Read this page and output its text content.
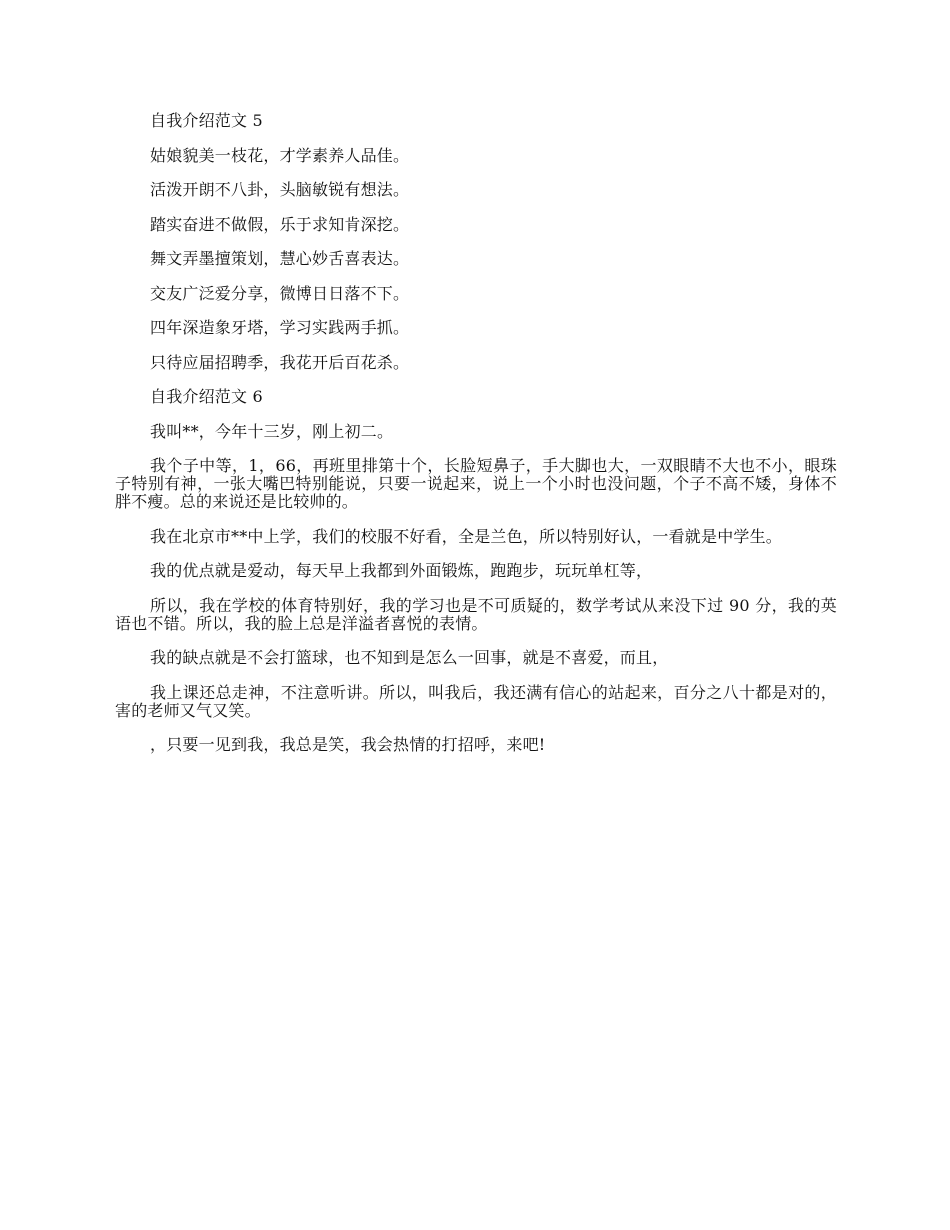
自我介绍范文 5

姑娘貌美一枝花，才学素养人品佳。

活泼开朗不八卦，头脑敏锐有想法。

踏实奋进不做假，乐于求知肯深挖。

舞文弄墨擅策划，慧心妙舌喜表达。

交友广泛爱分享，微博日日落不下。

四年深造象牙塔，学习实践两手抓。

只待应届招聘季，我花开后百花杀。

自我介绍范文 6

我叫**，今年十三岁，刚上初二。

我个子中等，1，66，再班里排第十个，长脸短鼻子，手大脚也大，一双眼睛不大也不小，眼珠子特别有神，一张大嘴巴特别能说，只要一说起来，说上一个小时也没问题，个子不高不矮，身体不胖不瘦。总的来说还是比较帅的。

我在北京市**中上学，我们的校服不好看，全是兰色，所以特别好认，一看就是中学生。

我的优点就是爱动，每天早上我都到外面锻炼，跑跑步，玩玩单杠等，

所以，我在学校的体育特别好，我的学习也是不可质疑的，数学考试从来没下过 90 分，我的英语也不错。所以，我的脸上总是洋溢者喜悦的表情。

我的缺点就是不会打篮球，也不知到是怎么一回事，就是不喜爱，而且，

我上课还总走神，不注意听讲。所以，叫我后，我还满有信心的站起来，百分之八十都是对的，害的老师又气又笑。

，只要一见到我，我总是笑，我会热情的打招呼，来吧!
